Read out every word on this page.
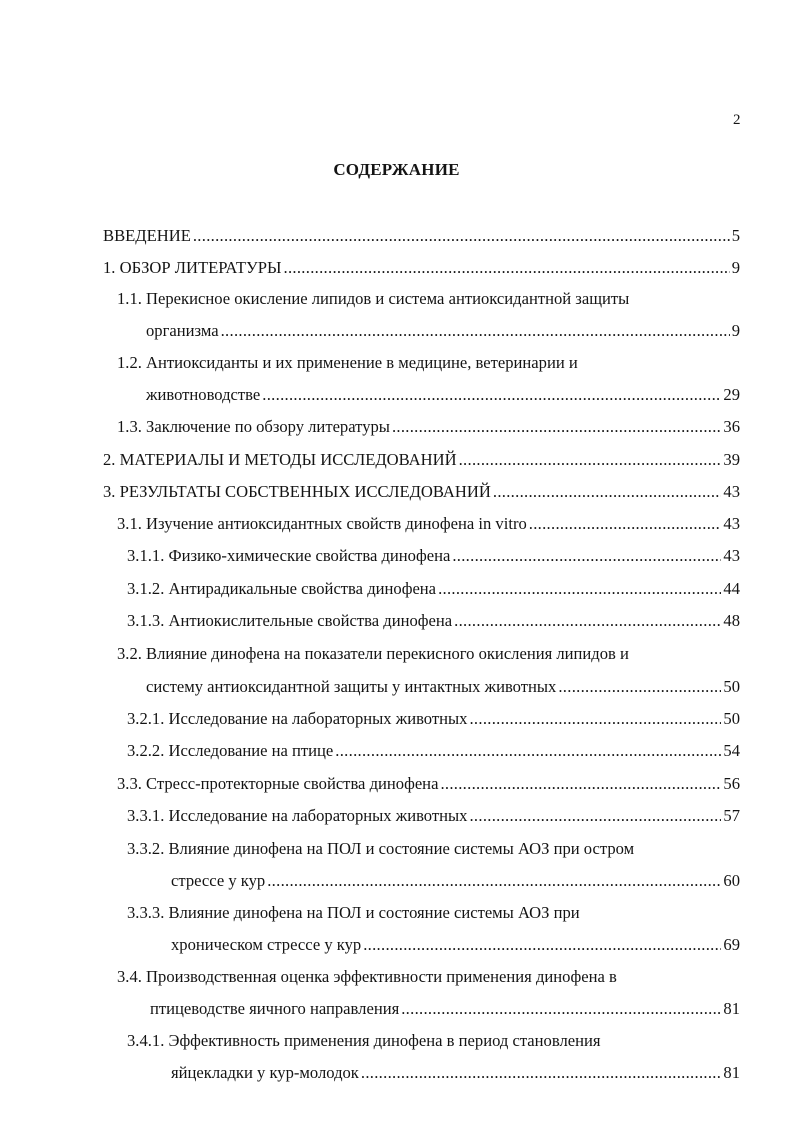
2
СОДЕРЖАНИЕ
ВВЕДЕНИЕ .....	5
1. ОБЗОР ЛИТЕРАТУРЫ .....	9
1.1. Перекисное окисление липидов и система антиоксидантной защиты
организма .....	9
1.2. Антиоксиданты и их применение в медицине, ветеринарии и
животноводстве .....	29
1.3. Заключение по обзору литературы .....	36
2. МАТЕРИАЛЫ И МЕТОДЫ ИССЛЕДОВАНИЙ .....	39
3. РЕЗУЛЬТАТЫ СОБСТВЕННЫХ ИССЛЕДОВАНИЙ .....	43
3.1. Изучение антиоксидантных свойств динофена in vitro .....	43
3.1.1. Физико-химические свойства динофена .....	43
3.1.2. Антирадикальные свойства динофена .....	44
3.1.3. Антиокислительные свойства динофена .....	48
3.2. Влияние динофена на показатели перекисного окисления липидов и
систему антиоксидантной защиты у интактных животных .....	50
3.2.1. Исследование на лабораторных животных .....	50
3.2.2. Исследование на птице .....	54
3.3. Стресс-протекторные свойства динофена .....	56
3.3.1. Исследование на лабораторных животных .....	57
3.3.2. Влияние динофена на ПОЛ и состояние системы АОЗ при остром
стрессе у кур .....	60
3.3.3. Влияние динофена на ПОЛ и состояние системы АОЗ при
хроническом стрессе у кур .....	69
3.4. Производственная оценка эффективности применения динофена в
птицеводстве яичного направления .....	81
3.4.1. Эффективность применения динофена в период становления
яйцекладки у кур-молодок .....	81
